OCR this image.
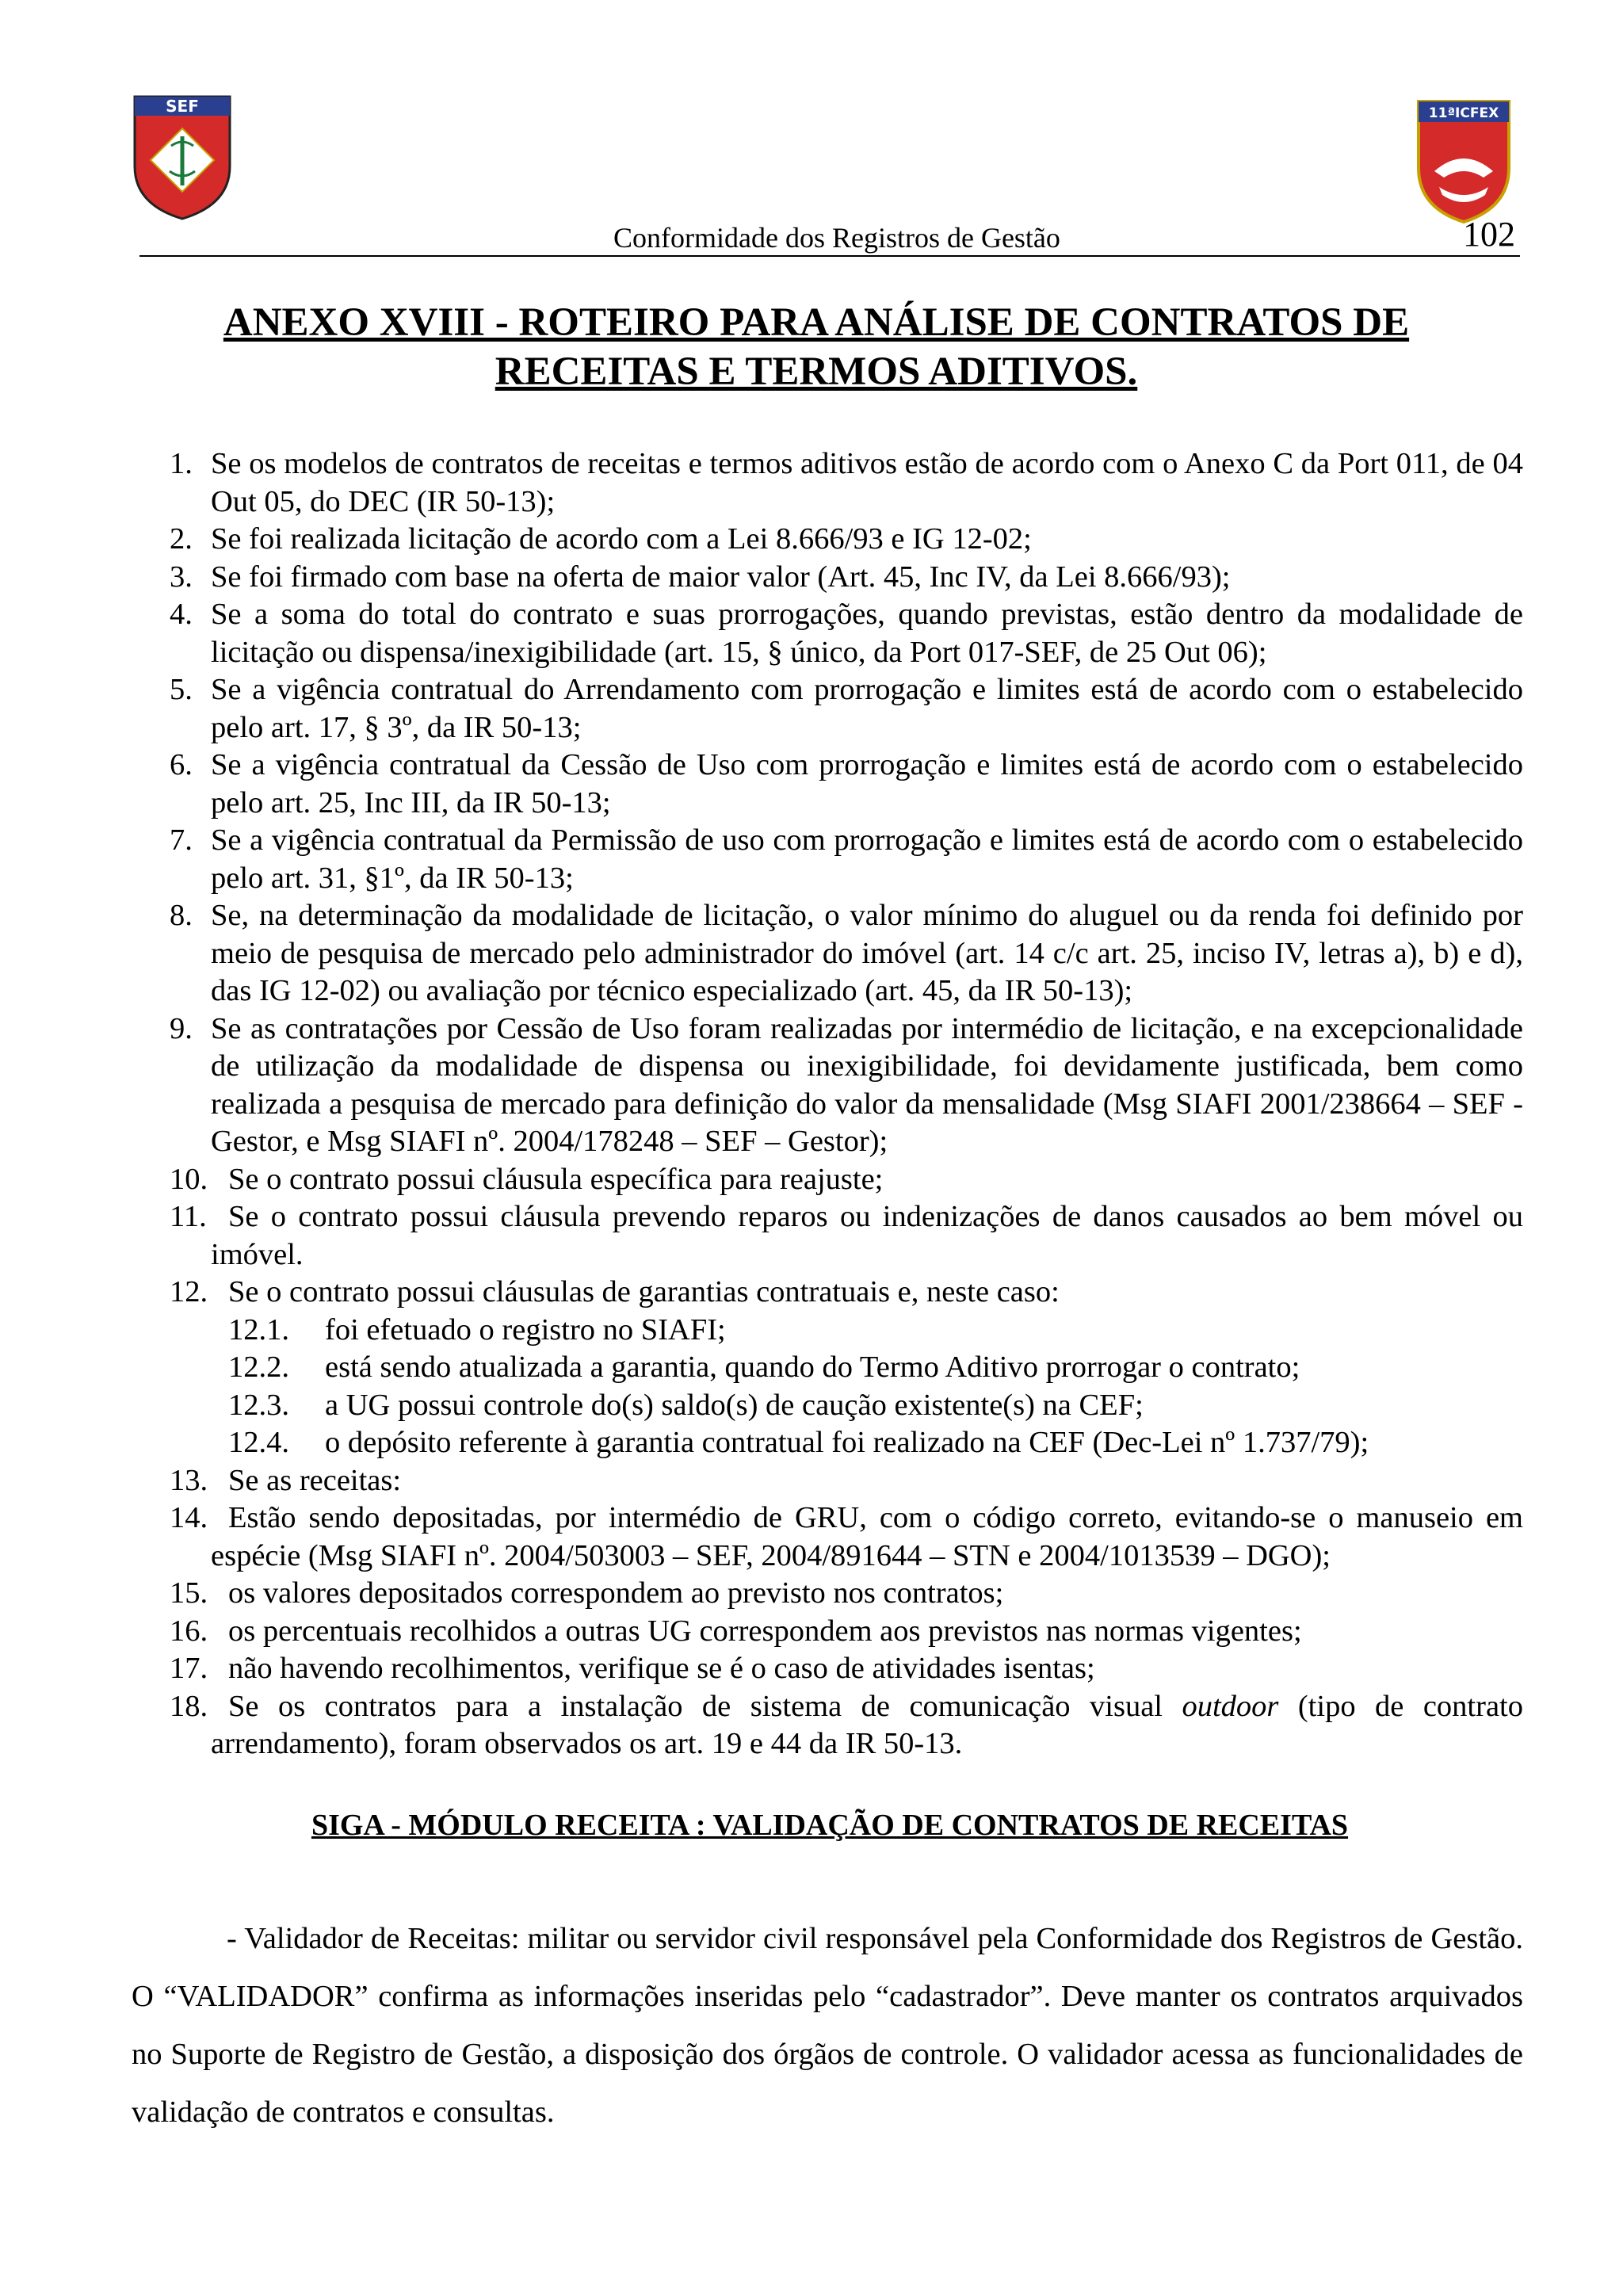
SEF	11ªICFEX
Conformidade dos Registros de Gestão	102
ANEXO XVIII - ROTEIRO PARA ANÁLISE DE CONTRATOS DE
RECEITAS E TERMOS ADITIVOS.
1. Se os modelos de contratos de receitas e termos aditivos estão de acordo com o Anexo C da Port 011, de 04 Out 05, do DEC (IR 50-13);
2. Se foi realizada licitação de acordo com a Lei 8.666/93 e IG 12-02;
3. Se foi firmado com base na oferta de maior valor (Art. 45, Inc IV, da Lei 8.666/93);
4. Se a soma do total do contrato e suas prorrogações, quando previstas, estão dentro da modalidade de licitação ou dispensa/inexigibilidade (art. 15, § único, da Port 017-SEF, de 25 Out 06);
5. Se a vigência contratual do Arrendamento com prorrogação e limites está de acordo com o estabelecido pelo art. 17, § 3º, da IR 50-13;
6. Se a vigência contratual da Cessão de Uso com prorrogação e limites está de acordo com o estabelecido pelo art. 25, Inc III, da IR 50-13;
7. Se a vigência contratual da Permissão de uso com prorrogação e limites está de acordo com o estabelecido pelo art. 31, §1º, da IR 50-13;
8. Se, na determinação da modalidade de licitação, o valor mínimo do aluguel ou da renda foi definido por meio de pesquisa de mercado pelo administrador do imóvel (art. 14 c/c art. 25, inciso IV, letras a), b) e d), das IG 12-02) ou avaliação por técnico especializado (art. 45, da IR 50-13);
9. Se as contratações por Cessão de Uso foram realizadas por intermédio de licitação, e na excepcionalidade de utilização da modalidade de dispensa ou inexigibilidade, foi devidamente justificada, bem como realizada a pesquisa de mercado para definição do valor da mensalidade (Msg SIAFI 2001/238664 – SEF - Gestor, e Msg SIAFI nº. 2004/178248 – SEF – Gestor);
10. Se o contrato possui cláusula específica para reajuste;
11. Se o contrato possui cláusula prevendo reparos ou indenizações de danos causados ao bem móvel ou imóvel.
12. Se o contrato possui cláusulas de garantias contratuais e, neste caso:
12.1. foi efetuado o registro no SIAFI;
12.2. está sendo atualizada a garantia, quando do Termo Aditivo prorrogar o contrato;
12.3. a UG possui controle do(s) saldo(s) de caução existente(s) na CEF;
12.4. o depósito referente à garantia contratual foi realizado na CEF (Dec-Lei nº 1.737/79);
13. Se as receitas:
14. Estão sendo depositadas, por intermédio de GRU, com o código correto, evitando-se o manuseio em espécie (Msg SIAFI nº. 2004/503003 – SEF, 2004/891644 – STN e 2004/1013539 – DGO);
15. os valores depositados correspondem ao previsto nos contratos;
16. os percentuais recolhidos a outras UG correspondem aos previstos nas normas vigentes;
17. não havendo recolhimentos, verifique se é o caso de atividades isentas;
18. Se os contratos para a instalação de sistema de comunicação visual outdoor (tipo de contrato arrendamento), foram observados os art. 19 e 44 da IR 50-13.
SIGA - MÓDULO RECEITA : VALIDAÇÃO DE CONTRATOS DE RECEITAS
- Validador de Receitas: militar ou servidor civil responsável pela Conformidade dos Registros de Gestão. O “VALIDADOR” confirma as informações inseridas pelo “cadastrador”. Deve manter os contratos arquivados no Suporte de Registro de Gestão, a disposição dos órgãos de controle. O validador acessa as funcionalidades de validação de contratos e consultas.
